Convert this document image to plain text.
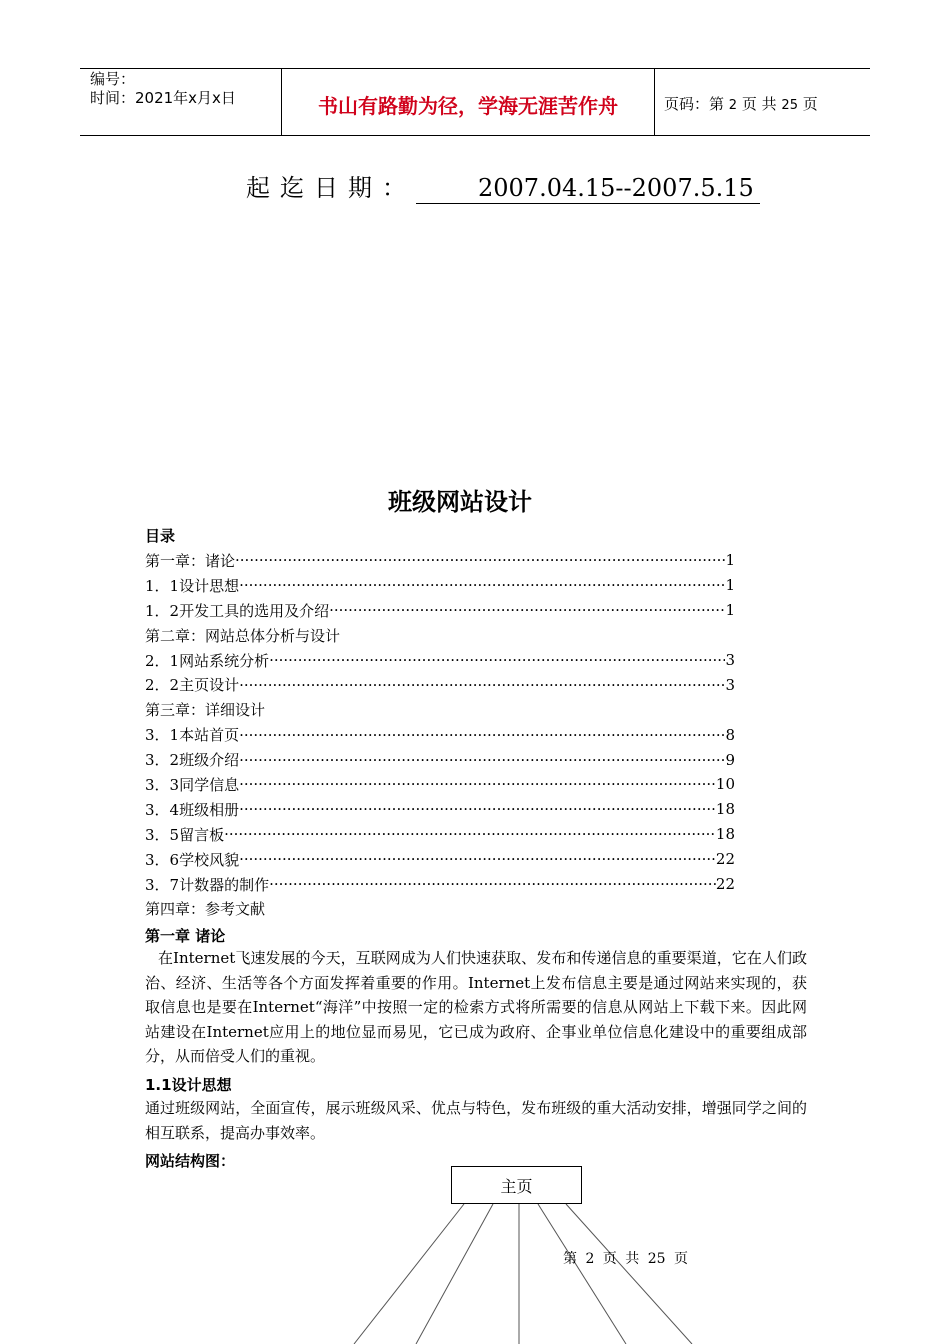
编号：
时间：2021年x月x日	书山有路勤为径，学海无涯苦作舟	页码：第 2 页 共 25 页
起迄日期：	2007.04.15--2007.5.15
班级网站设计
目录
第一章：诸论 ·····	1
1．1设计思想 ·····	1
1．2开发工具的选用及介绍 ·····	1
第二章：网站总体分析与设计
2．1网站系统分析 ·····	3
2．2主页设计 ·····	3
第三章：详细设计
3．1本站首页 ·····	8
3．2班级介绍 ·····	9
3．3同学信息 ·····	10
3．4班级相册 ·····	18
3．5留言板 ·····	18
3．6学校风貌 ·····	22
3．7计数器的制作 ·····	22
第四章：参考文献
第一章 诸论
在Internet飞速发展的今天，互联网成为人们快速获取、发布和传递信息的重要渠道，它在人们政治、经济、生活等各个方面发挥着重要的作用。Internet上发布信息主要是通过网站来实现的，获取信息也是要在Internet“海洋”中按照一定的检索方式将所需要的信息从网站上下载下来。因此网站建设在Internet应用上的地位显而易见，它已成为政府、企事业单位信息化建设中的重要组成部分，从而倍受人们的重视。
1.1设计思想
通过班级网站，全面宣传，展示班级风采、优点与特色，发布班级的重大活动安排，增强同学之间的相互联系，提高办事效率。
网站结构图：
主页
第 2 页 共 25 页
